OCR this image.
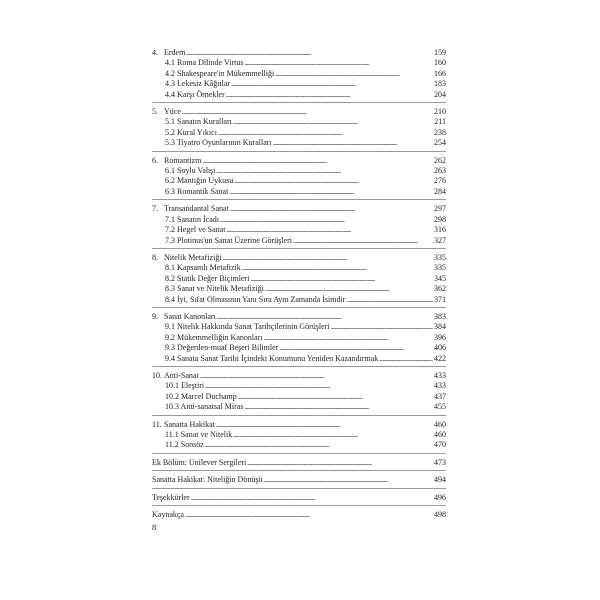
4. Erdem . . .	159
4.1 Roma Dilinde Virtus . . .	160
4.2 Shakespeare'in Mükemmelliği . . .	166
4.3 Lekesiz Kâğıtlar . . .	183
4.4 Karşı Örnekler . . .	204
5. Yüce . . .	210
5.1 Sanatın Kuralları . . .	211
5.2 Kural Yıkıcı . . .	238
5.3 Tiyatro Oyunlarının Kuralları . . .	254
6. Romantizm . . .	262
6.1 Soylu Vahşi . . .	263
6.2 Mantığın Uykusu . . .	276
6.3 Romantik Sanat . . .	284
7. Transandantal Sanat . . .	297
7.1 Sanatın İcadı . . .	298
7.2 Hegel ve Sanat . . .	316
7.3 Plotinus'un Sanat Üzerine Görüşleri . . .	327
8. Nitelik Metafiziği . . .	335
8.1 Kapsamlı Metafizik . . .	335
8.2 Statik Değer Biçimleri . . .	345
8.3 Sanat ve Nitelik Metafiziği . . .	362
8.4 İyi, Sıfat Olmasının Yanı Sıra Aynı Zamanda İsimdir . . .	371
9. Sanat Kanonları . . .	383
9.1 Nitelik Hakkında Sanat Tarihçilerinin Görüşleri . . .	384
9.2 Mükemmelliğin Kanonları . . .	396
9.3 Değerden-muaf Beşeri Bilimler . . .	406
9.4 Sanata Sanat Tarihi İçindeki Konumunu Yeniden Kazandırmak . . .	422
10. Anti-Sanat . . .	433
10.1 Eleştiri . . .	433
10.2 Marcel Duchamp . . .	437
10.3 Anti-sanatsal Miras . . .	455
11. Sanatta Hakikat . . .	460
11.1 Sanat ve Nitelik . . .	460
11.2 Sonsöz . . .	470
Ek Bölüm: Unilever Sergileri . . .	473
Sanatta Hakikat: Niteliğin Dönüşü . . .	494
Teşekkürler . . .	496
Kaynakça . . .	498
8
